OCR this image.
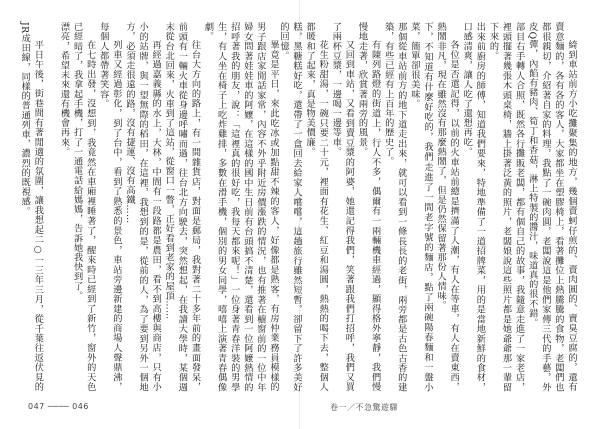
畢竟是平日，來此吃冰或加點甜不辣的客人，好像都是熟客，有房仲業務員模樣的男子跟店家閒話家常，內容不外乎附近房價漲跌的情況，也有推著在櫥窗前的一位中年婦女問著娃娃車的阿嬤，在這樣的國中生日前有台頭搞不清楚，還看到一位阿嬤熱情的招呼著我的朋友，說：「這裡真的很好吃，我每天都來呢！」一位身著青春洋裝的男學生，有人坐在椅子上吃炸雞排，多數在滑手機，個別的男女同學，嘻嘻上演著青春偶像劇。

往台大方向的路上，有一間雜貨店，對面是郵局，我對著二十多年前的畫面發呆，前頭有一輛火車從身邊呼嘯而過，往台北方向駛去，突然想起，在我讀大學時，某個週末從台北回來，火車到了這站，從窗口一瞥，正好看到老家的屋頂……

再經過嘉義縣的水上，大林，中間有一段路都是農田，看不到高樓與商店，只有小小的站牌，與一望無際的稻田，在這裡，我想到的是，從前的人，為了要到另外一個地方，必須走很遠的路，沒有捷運、沒有高鐵……

列車又經過彰化，到了台中，看到了熟悉的景色，車站旁邊新建的商場人聲鼎沸，每個人都帶著笑容。

在七時出發，沒想到，我竟然在車廂裡睡著了，醒來時已經到了新竹，窗外的天色已經暗了，我拿起手機，打了一通電話給媽媽，告訴她我快到了。

漂亮，希望未來還有機會再來。

平日午後，街巷間有著閒適的氛圍，讓我想起二○一三年三月，從千葉往返伏見的JR成田線，同樣的普通列車，濃烈的既視感。

047 ──── 046

綺到車站前方小吃攤聚集的地方，幾個賣蚵仔煎的、賣肉圓的、賣臭豆腐的，還有賣意麵的，各有各的客人，大家都坐在塑膠椅上，看著攤位上熱騰騰的食物，老闆們也都很親切，介紹著自家的料理，我點了一碗肉圓，老闆說這是他們家傳三代的手藝，外皮Q彈，內餡有豬肉、筍丁和香菇，淋上特製的醬汁，味道真的很不錯。

部目右手轉人合照，既然各行攤販老闆，都有個自己的故事，我隨意走進了一家老店，裡頭擺著幾張木頭桌椅，牆上掛著泛黃的照片，老闆娘說這些照片都是她爺爺那一輩留下來的。

出來前廚房的師傅，知道我們要來，特地準備了一道招牌菜，用的是當地新鮮的食材，口感清爽，讓人吃了還想再吃。

各位是否還記得，以前的火車站前總是擠滿了人潮，有人在等車，有人在賣東西，熱鬧非凡，現在雖然沒有那麼熱鬧了，但是仍然保留著那份人情味。

下，不知道有什麼好吃的，我們走進了一間老字號的麵店，點了兩碗陽春麵和一盤小菜，簡單卻很美味。

那個從車站前方的地下道走出來，就可以看到一條長長的老街，兩旁都是古色古香的建築，有些已經有上百年的歷史了。

有陳列路燈的街道上，行人不多，偶爾有一兩輛機車經過，顯得格外寧靜，我們慢慢地走著，欣賞著兩旁的風景。

又回到車站，又看到賣豆漿的阿婆，她還記得我們，笑著跟我們打招呼，我們又買了兩杯豆漿，一邊喝一邊等車。

花生粉甜湯，一碗只要二十元，裡面有花生、紅豆和湯圓，熱熱的喝下去，整個人都暖和了起來，真是物美價廉。

糕，黑糖糕好吃，還帶了一盒回去給家人嚐嚐，這趟旅行雖然短暫，卻留下了許多美好的回憶。

卷一／不急驚遊驛
